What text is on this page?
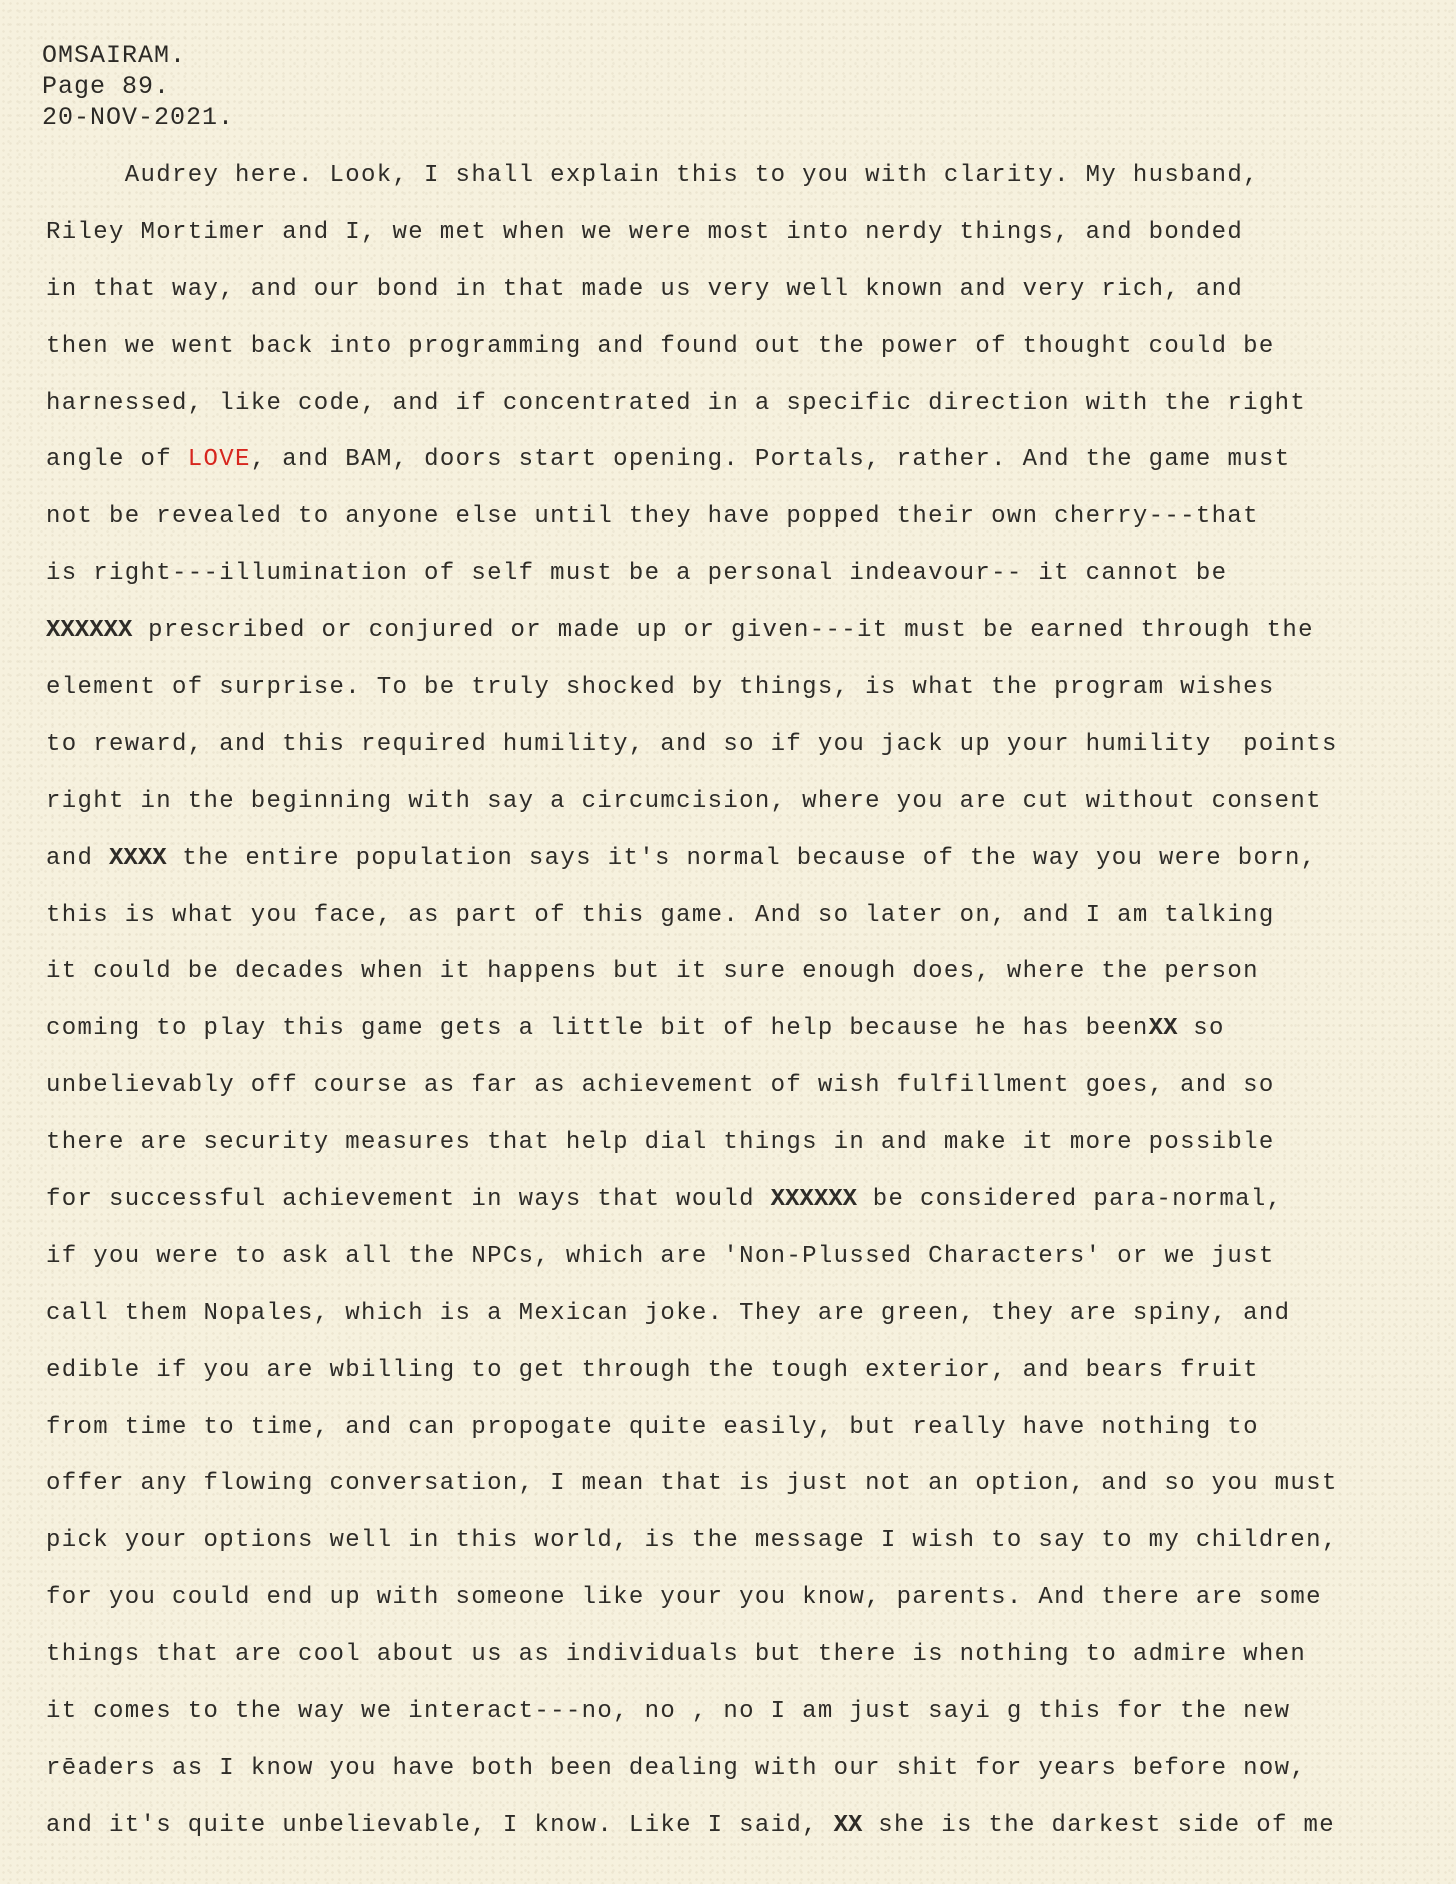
OMSAIRAM.
Page 89.
20-NOV-2021.
Audrey here. Look, I shall explain this to you with clarity. My husband,
Riley Mortimer and I, we met when we were most into nerdy things, and bonded
in that way, and our bond in that made us very well known and very rich, and
then we went back into programming and found out the power of thought could be
harnessed, like code, and if concentrated in a specific direction with the right
angle of LOVE, and BAM, doors start opening. Portals, rather. And the game must
not be revealed to anyone else until they have popped their own cherry---that
is right---illumination of self must be a personal indeavour-- it cannot be
XXXXXX prescribed or conjured or made up or given---it must be earned through the
element of surprise. To be truly shocked by things, is what the program wishes
to reward, and this required humility, and so if you jack up your humility  points
right in the beginning with say a circumcision, where you are cut without consent
and XXXX the entire population says it's normal because of the way you were born,
this is what you face, as part of this game. And so later on, and I am talking
it could be decades when it happens but it sure enough does, where the person
coming to play this game gets a little bit of help because he has beenXX so
unbelievably off course as far as achievement of wish fulfillment goes, and so
there are security measures that help dial things in and make it more possible
for successful achievement in ways that would XXXXXX be considered para-normal,
if you were to ask all the NPCs, which are 'Non-Plussed Characters' or we just
call them Nopales, which is a Mexican joke. They are green, they are spiny, and
edible if you are wbilling to get through the tough exterior, and bears fruit
from time to time, and can propogate quite easily, but really have nothing to
offer any flowing conversation, I mean that is just not an option, and so you must
pick your options well in this world, is the message I wish to say to my children,
for you could end up with someone like your you know, parents. And there are some
things that are cool about us as individuals but there is nothing to admire when
it comes to the way we interact---no, no , no I am just sayi g this for the new
rēaders as I know you have both been dealing with our shit for years before now,
and it's quite unbelievable, I know. Like I said, XX she is the darkest side of me
